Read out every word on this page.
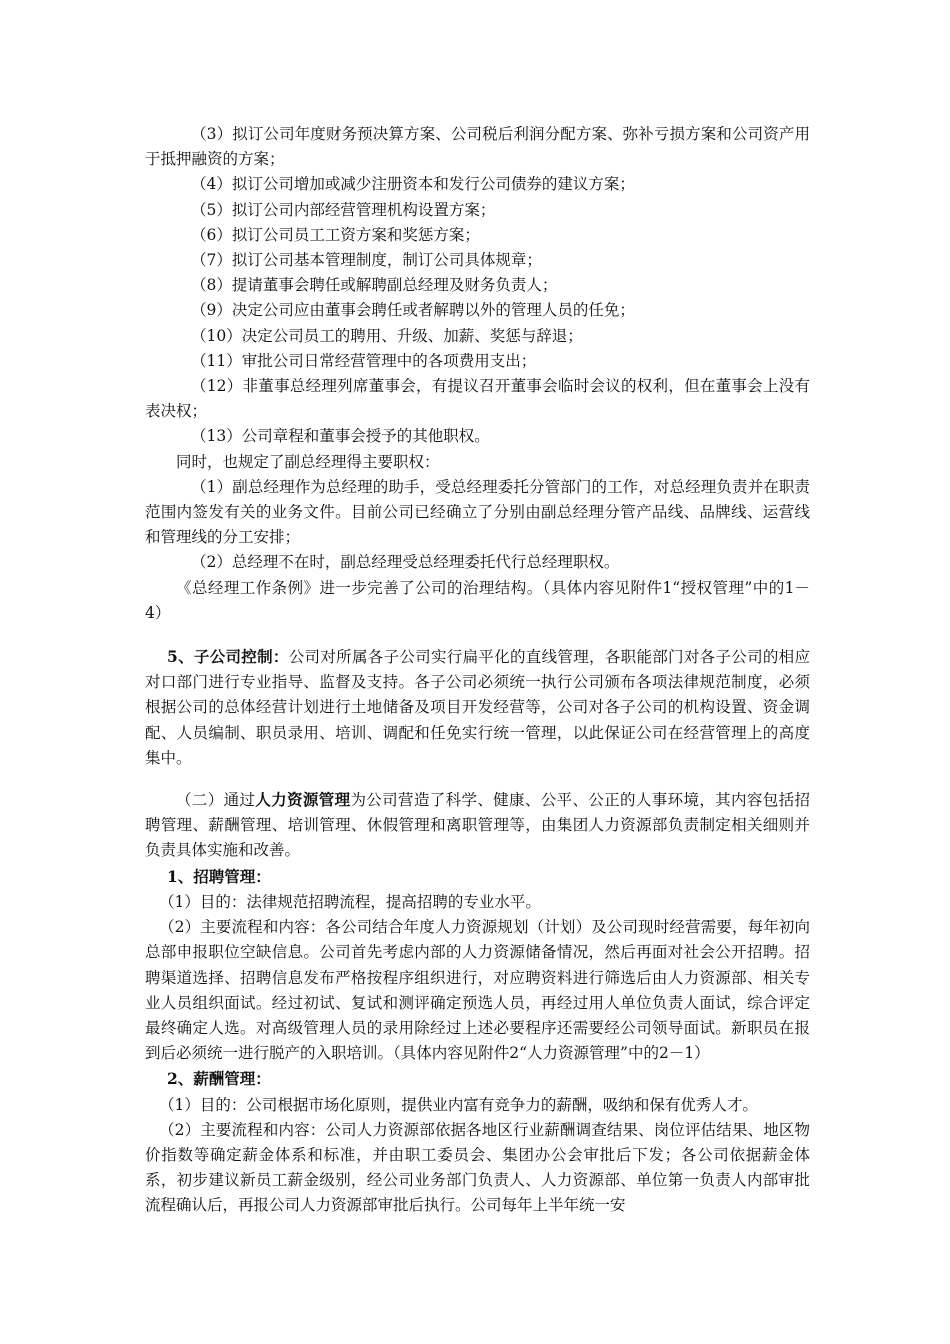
（3）拟订公司年度财务预决算方案、公司税后利润分配方案、弥补亏损方案和公司资产用于抵押融资的方案；

（4）拟订公司增加或减少注册资本和发行公司债券的建议方案；

（5）拟订公司内部经营管理机构设置方案；

（6）拟订公司员工工资方案和奖惩方案；

（7）拟订公司基本管理制度，制订公司具体规章；

（8）提请董事会聘任或解聘副总经理及财务负责人；

（9）决定公司应由董事会聘任或者解聘以外的管理人员的任免；

（10）决定公司员工的聘用、升级、加薪、奖惩与辞退；

（11）审批公司日常经营管理中的各项费用支出；

（12）非董事总经理列席董事会，有提议召开董事会临时会议的权利，但在董事会上没有表决权；

（13）公司章程和董事会授予的其他职权。

同时，也规定了副总经理得主要职权：

（1）副总经理作为总经理的助手，受总经理委托分管部门的工作，对总经理负责并在职责范围内签发有关的业务文件。目前公司已经确立了分别由副总经理分管产品线、品牌线、运营线和管理线的分工安排；

（2）总经理不在时，副总经理受总经理委托代行总经理职权。

《总经理工作条例》进一步完善了公司的治理结构。（具体内容见附件1“授权管理”中的1－4）

5、子公司控制：公司对所属各子公司实行扁平化的直线管理，各职能部门对各子公司的相应对口部门进行专业指导、监督及支持。各子公司必须统一执行公司颁布各项法律规范制度，必须根据公司的总体经营计划进行土地储备及项目开发经营等，公司对各子公司的机构设置、资金调配、人员编制、职员录用、培训、调配和任免实行统一管理，以此保证公司在经营管理上的高度集中。

（二）通过人力资源管理为公司营造了科学、健康、公平、公正的人事环境，其内容包括招聘管理、薪酬管理、培训管理、休假管理和离职管理等，由集团人力资源部负责制定相关细则并负责具体实施和改善。

1、招聘管理：

（1）目的：法律规范招聘流程，提高招聘的专业水平。

（2）主要流程和内容：各公司结合年度人力资源规划（计划）及公司现时经营需要，每年初向总部申报职位空缺信息。公司首先考虑内部的人力资源储备情况，然后再面对社会公开招聘。招聘渠道选择、招聘信息发布严格按程序组织进行，对应聘资料进行筛选后由人力资源部、相关专业人员组织面试。经过初试、复试和测评确定预选人员，再经过用人单位负责人面试，综合评定最终确定人选。对高级管理人员的录用除经过上述必要程序还需要经公司领导面试。新职员在报到后必须统一进行脱产的入职培训。（具体内容见附件2“人力资源管理”中的2－1）

2、薪酬管理：

（1）目的：公司根据市场化原则，提供业内富有竞争力的薪酬，吸纳和保有优秀人才。

（2）主要流程和内容：公司人力资源部依据各地区行业薪酬调查结果、岗位评估结果、地区物价指数等确定薪金体系和标准，并由职工委员会、集团办公会审批后下发；各公司依据薪金体系，初步建议新员工薪金级别，经公司业务部门负责人、人力资源部、单位第一负责人内部审批流程确认后，再报公司人力资源部审批后执行。公司每年上半年统一安
